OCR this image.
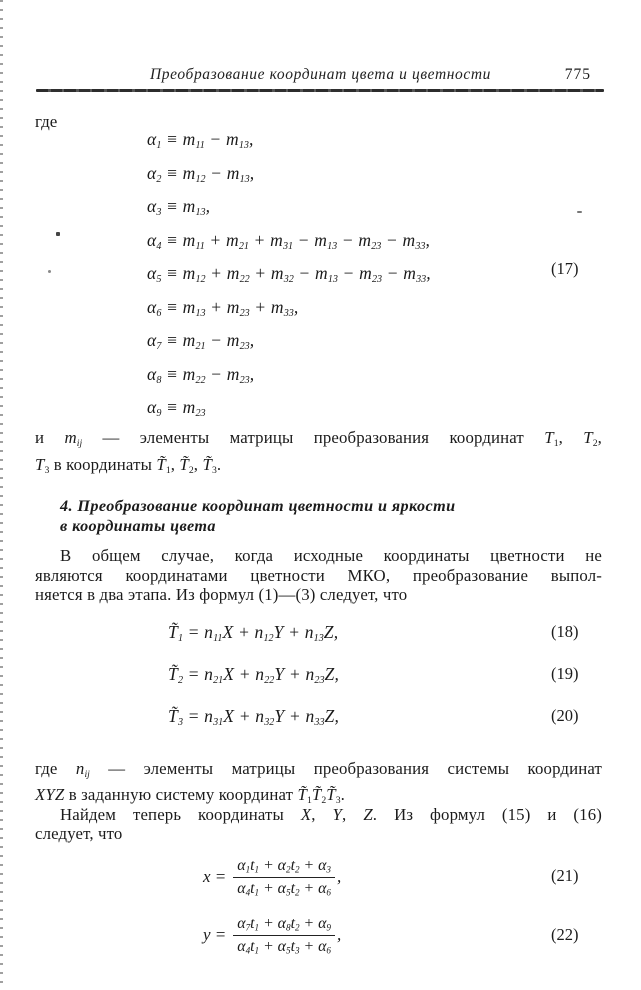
Преобразование координат цвета и цветности	775
где
$\alpha_1 \equiv m_{11} - m_{13}$,
$\alpha_2 \equiv m_{12} - m_{13}$,
$\alpha_3 \equiv m_{13}$,
$\alpha_4 \equiv m_{11} + m_{21} + m_{31} - m_{13} - m_{23} - m_{33}$,
$\alpha_5 \equiv m_{12} + m_{22} + m_{32} - m_{13} - m_{23} - m_{33}$,
$\alpha_6 \equiv m_{13} + m_{23} + m_{33}$,
$\alpha_7 \equiv m_{21} - m_{23}$,
$\alpha_8 \equiv m_{22} - m_{23}$,
$\alpha_9 \equiv m_{23}$
(17)
и $m_{ij}$ — элементы матрицы преобразования координат $T_1$, $T_2$,
$T_3$ в координаты $T̃_1$, $T̃_2$, $T̃_3$.
4. Преобразование координат цветности и яркости
в координаты цвета
В общем случае, когда исходные координаты цветности не
являются координатами цветности МКО, преобразование выпол-
няется в два этапа. Из формул (1)—(3) следует, что
$T̃_1 = n_{11}X + n_{12}Y + n_{13}Z$,	(18)
$T̃_2 = n_{21}X + n_{22}Y + n_{23}Z$,	(19)
$T̃_3 = n_{31}X + n_{32}Y + n_{33}Z$,	(20)
где $n_{ij}$ — элементы матрицы преобразования системы координат
XYZ в заданную систему координат $T̃_1T̃_2T̃_3$.
Найдем теперь координаты X, Y, Z. Из формул (15) и (16)
следует, что
$x = \frac{\alpha_1t_1 + \alpha_2t_2 + \alpha_3}{\alpha_4t_1 + \alpha_5t_2 + \alpha_6}$ ,	(21)
$y = \frac{\alpha_7t_1 + \alpha_8t_2 + \alpha_9}{\alpha_4t_1 + \alpha_5t_3 + \alpha_6}$ ,	(22)
